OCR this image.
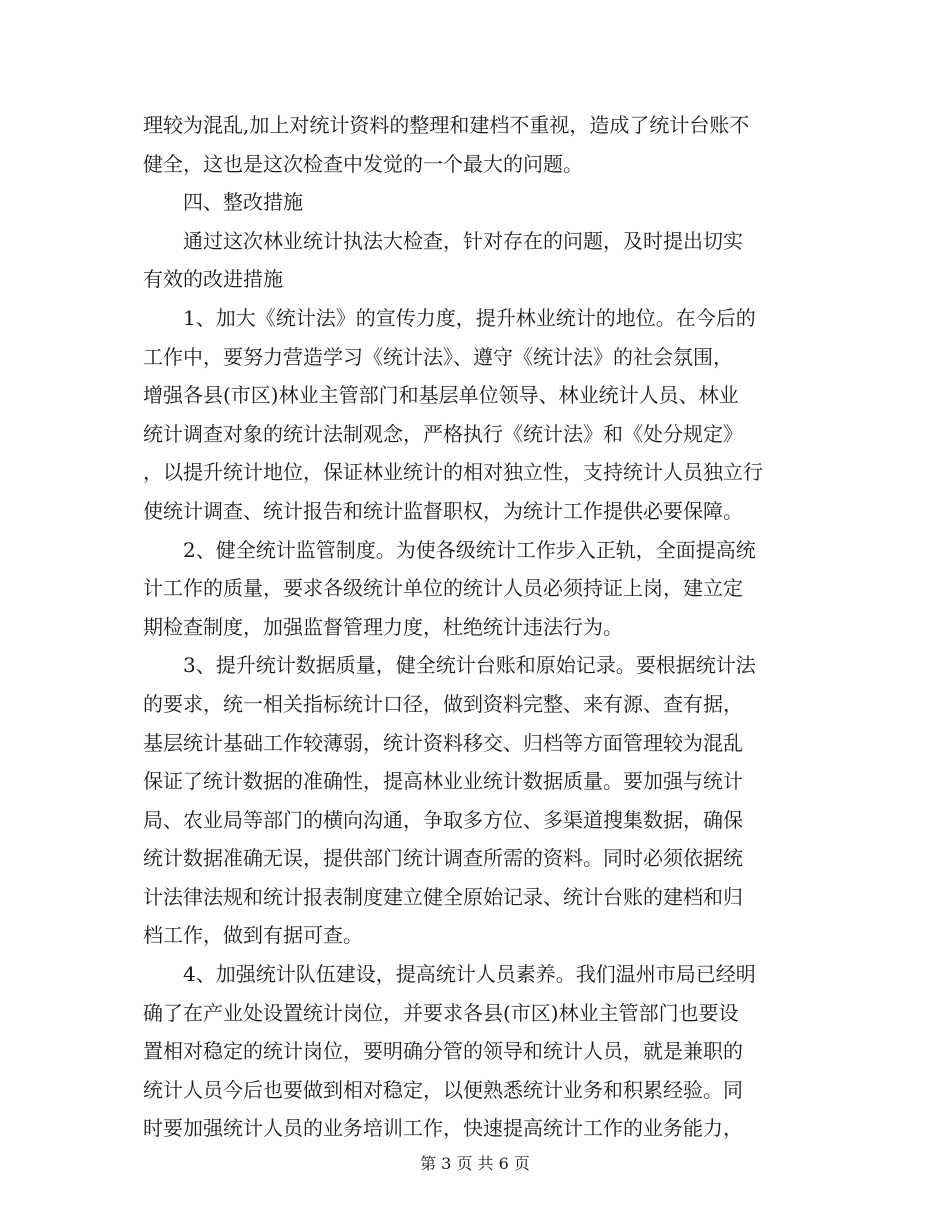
理较为混乱,加上对统计资料的整理和建档不重视，造成了统计台账不
健全，这也是这次检查中发觉的一个最大的问题。
　　四、整改措施
　　通过这次林业统计执法大检查，针对存在的问题，及时提出切实
有效的改进措施
　　1、加大《统计法》的宣传力度，提升林业统计的地位。在今后的
工作中，要努力营造学习《统计法》、遵守《统计法》的社会氛围，
增强各县(市区)林业主管部门和基层单位领导、林业统计人员、林业
统计调查对象的统计法制观念，严格执行《统计法》和《处分规定》
，以提升统计地位，保证林业统计的相对独立性，支持统计人员独立行
使统计调查、统计报告和统计监督职权，为统计工作提供必要保障。
　　2、健全统计监管制度。为使各级统计工作步入正轨，全面提高统
计工作的质量，要求各级统计单位的统计人员必须持证上岗，建立定
期检查制度，加强监督管理力度，杜绝统计违法行为。
　　3、提升统计数据质量，健全统计台账和原始记录。要根据统计法
的要求，统一相关指标统计口径，做到资料完整、来有源、查有据，
基层统计基础工作较薄弱，统计资料移交、归档等方面管理较为混乱
保证了统计数据的准确性，提高林业业统计数据质量。要加强与统计
局、农业局等部门的横向沟通，争取多方位、多渠道搜集数据，确保
统计数据准确无误，提供部门统计调查所需的资料。同时必须依据统
计法律法规和统计报表制度建立健全原始记录、统计台账的建档和归
档工作，做到有据可查。
　　4、加强统计队伍建设，提高统计人员素养。我们温州市局已经明
确了在产业处设置统计岗位，并要求各县(市区)林业主管部门也要设
置相对稳定的统计岗位，要明确分管的领导和统计人员，就是兼职的
统计人员今后也要做到相对稳定，以便熟悉统计业务和积累经验。同
时要加强统计人员的业务培训工作，快速提高统计工作的业务能力，
第 3 页 共 6 页
